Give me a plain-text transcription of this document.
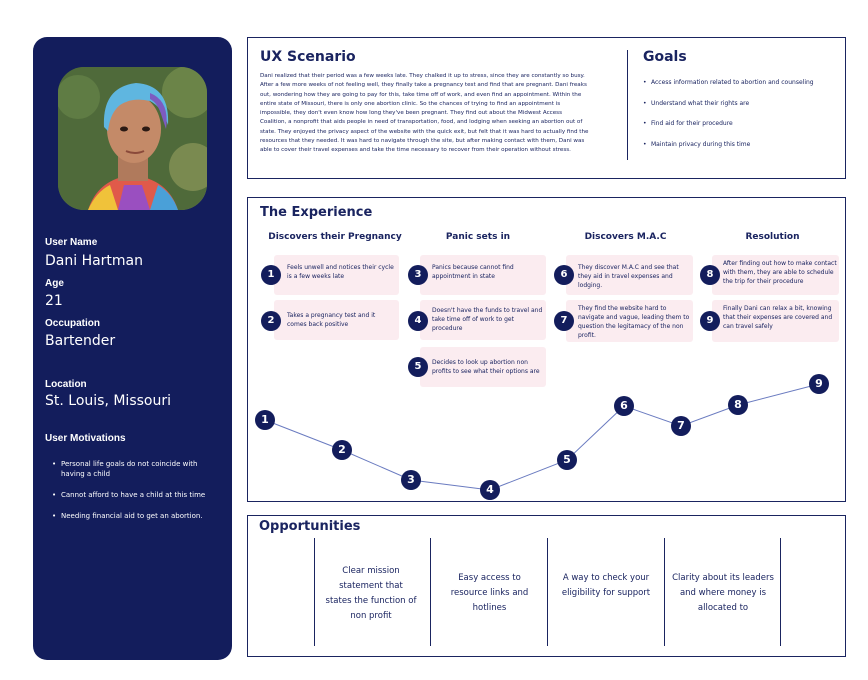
User Name
Dani Hartman
Age
21
Occupation
Bartender
Location
St. Louis, Missouri
User Motivations
• Personal life goals do not coincide with having a child
• Cannot afford to have a child at this time
• Needing financial aid to get an abortion.
UX Scenario

Dani realized that their period was a few weeks late. They chalked it up to stress, since they are constantly so busy. After a few more weeks of not feeling well, they finally take a pregnancy test and find that are pregnant. Dani freaks out, wondering how they are going to pay for this, take time off of work, and even find an appointment. Within the entire state of Missouri, there is only one abortion clinic. So the chances of trying to find an appointment is impossible, they don't even know how long they've been pregnant. They find out about the Midwest Access Coalition, a nonprofit that aids people in need of transportation, food, and lodging when seeking an abortion out of state. They enjoyed the privacy aspect of the website with the quick exit, but felt that it was hard to actually find the resources that they needed. It was hard to navigate through the site, but after making contact with them, Dani was able to cover their travel expenses and take the time necessary to recover from their operation without stress.

Goals
• Access information related to abortion and counseling
• Understand what their rights are
• Find aid for their procedure
• Maintain privacy during this time
The Experience
Discovers their Pregnancy	Panic sets in	Discovers M.A.C	Resolution
Feels unwell and notices their cycle is a few weeks late
1
Takes a pregnancy test and it comes back positive
2
Panics because cannot find appointment in state
3
Doesn't have the funds to travel and take time off of work to get procedure
4
Decides to look up abortion non profits to see what their options are
5
They discover M.A.C and see that they aid in travel expenses and lodging.
6
They find the website hard to navigate and vague, leading them to question the legitamacy of the non profit.
7
After finding out how to make contact with them, they are able to schedule the trip for their procedure
8
Finally Dani can relax a bit, knowing that their expenses are covered and can travel safely
9
1
2
3
4
5
6
7
8
9
Opportunities
Clear mission statement that states the function of non profit
Easy access to resource links and hotlines
A way to check your eligibility for support
Clarity about its leaders and where money is allocated to
